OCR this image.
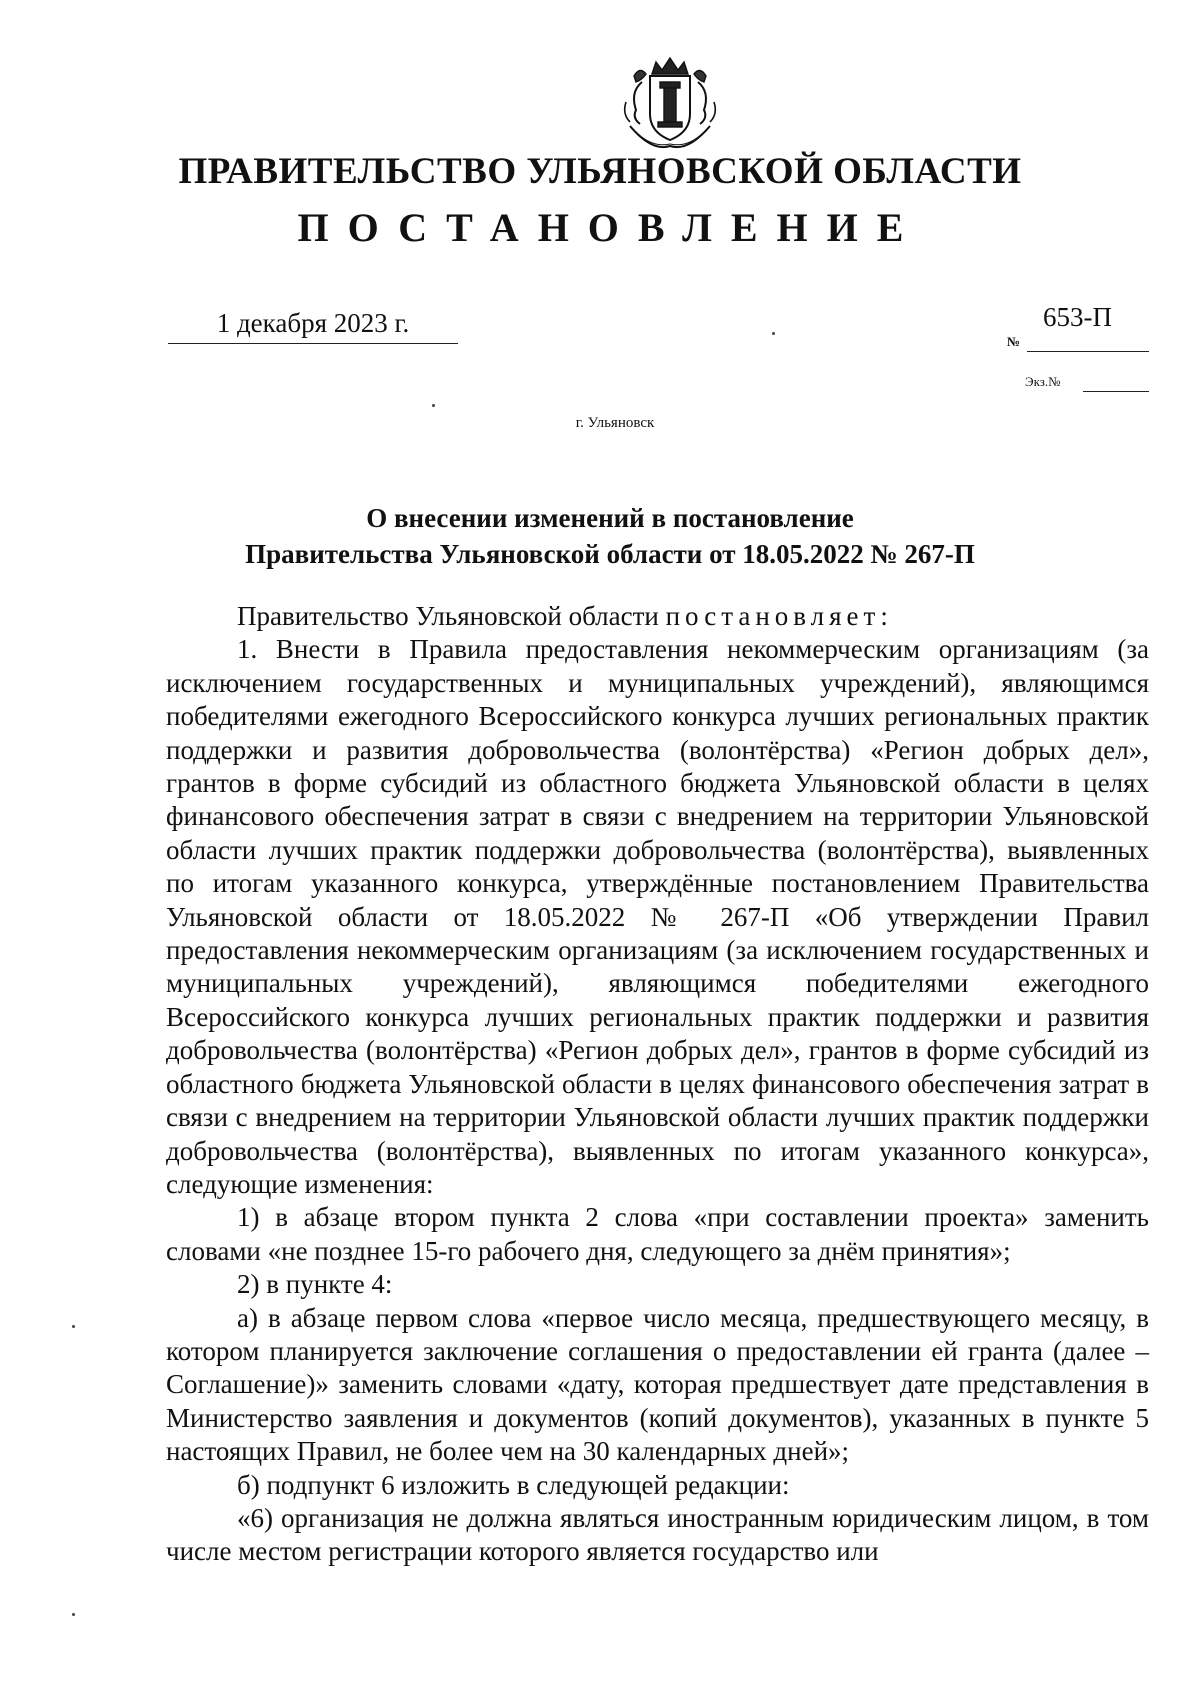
ПРАВИТЕЛЬСТВО УЛЬЯНОВСКОЙ ОБЛАСТИ
ПОСТАНОВЛЕНИЕ
1 декабря 2023 г.
№
653-П
Экз.№
г. Ульяновск
О внесении изменений в постановление
Правительства Ульяновской области от 18.05.2022 № 267-П

Правительство Ульяновской области постановляет:

1. Внести в Правила предоставления некоммерческим организациям (за исключением государственных и муниципальных учреждений), являющимся победителями ежегодного Всероссийского конкурса лучших региональных практик поддержки и развития добровольчества (волонтёрства) «Регион добрых дел», грантов в форме субсидий из областного бюджета Ульяновской области в целях финансового обеспечения затрат в связи с внедрением на территории Ульяновской области лучших практик поддержки добровольчества (волонтёрства), выявленных по итогам указанного конкурса, утверждённые постановлением Правительства Ульяновской области от 18.05.2022 № 267-П «Об утверждении Правил предоставления некоммерческим организациям (за исключением государственных и муниципальных учреждений), являющимся победителями ежегодного Всероссийского конкурса лучших региональных практик поддержки и развития добровольчества (волонтёрства) «Регион добрых дел», грантов в форме субсидий из областного бюджета Ульяновской области в целях финансового обеспечения затрат в связи с внедрением на территории Ульяновской области лучших практик поддержки добровольчества (волонтёрства), выявленных по итогам указанного конкурса», следующие изменения:

1) в абзаце втором пункта 2 слова «при составлении проекта» заменить словами «не позднее 15-го рабочего дня, следующего за днём принятия»;

2) в пункте 4:

а) в абзаце первом слова «первое число месяца, предшествующего месяцу, в котором планируется заключение соглашения о предоставлении ей гранта (далее – Соглашение)» заменить словами «дату, которая предшествует дате представления в Министерство заявления и документов (копий документов), указанных в пункте 5 настоящих Правил, не более чем на 30 календарных дней»;

б) подпункт 6 изложить в следующей редакции:

«6) организация не должна являться иностранным юридическим лицом, в том числе местом регистрации которого является государство или
